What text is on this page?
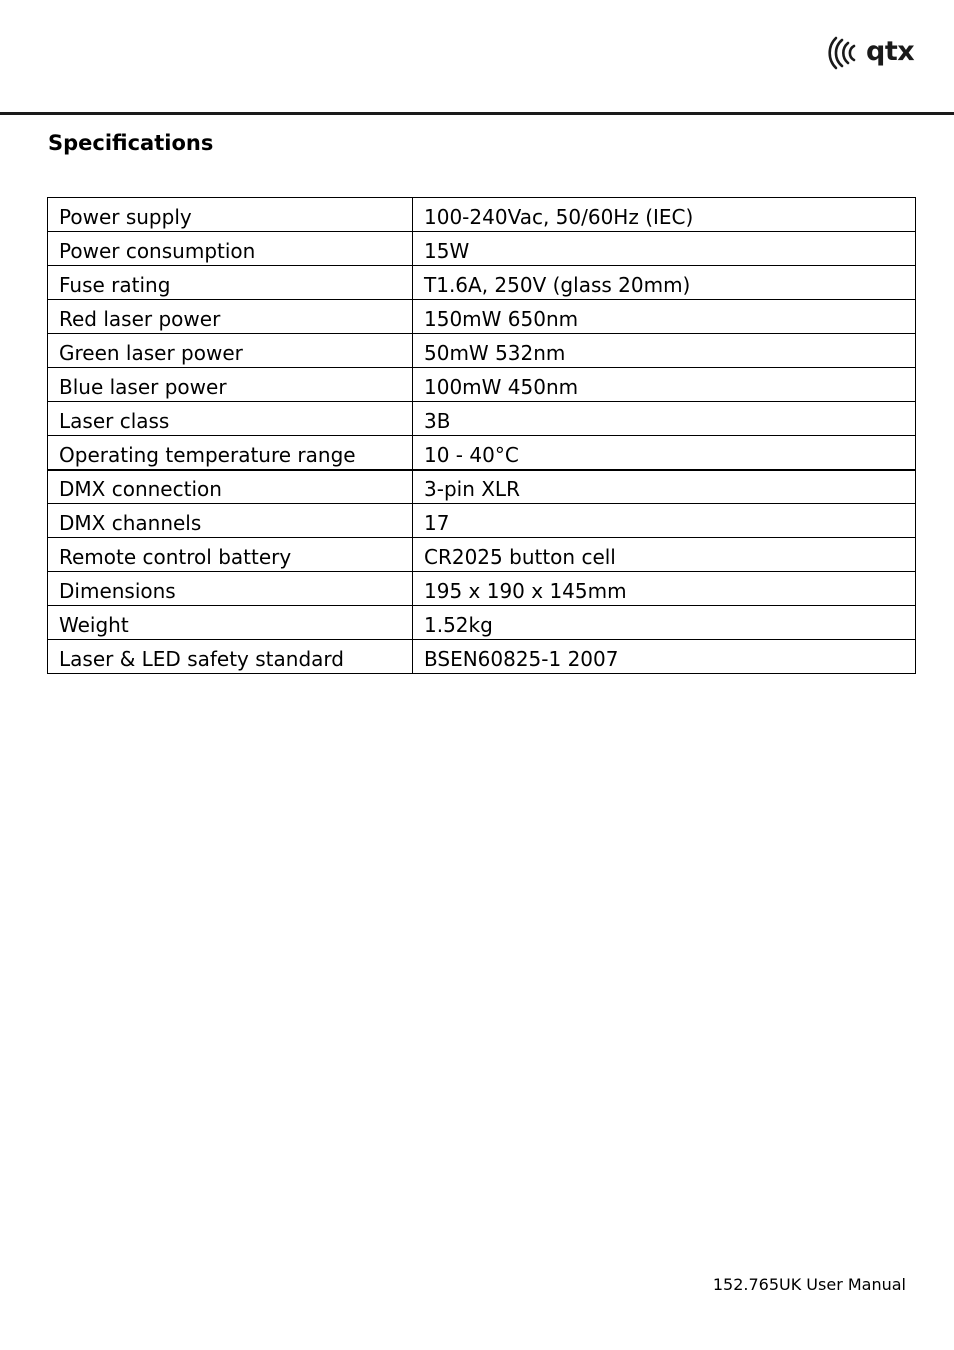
qtx
Specifications
Power supply	100-240Vac, 50/60Hz (IEC)
Power consumption	15W
Fuse rating	T1.6A, 250V (glass 20mm)
Red laser power	150mW 650nm
Green laser power	50mW 532nm
Blue laser power	100mW 450nm
Laser class	3B
Operating temperature range	10 - 40°C
DMX connection	3-pin XLR
DMX channels	17
Remote control battery	CR2025 button cell
Dimensions	195 x 190 x 145mm
Weight	1.52kg
Laser & LED safety standard	BSEN60825-1 2007
152.765UK User Manual
